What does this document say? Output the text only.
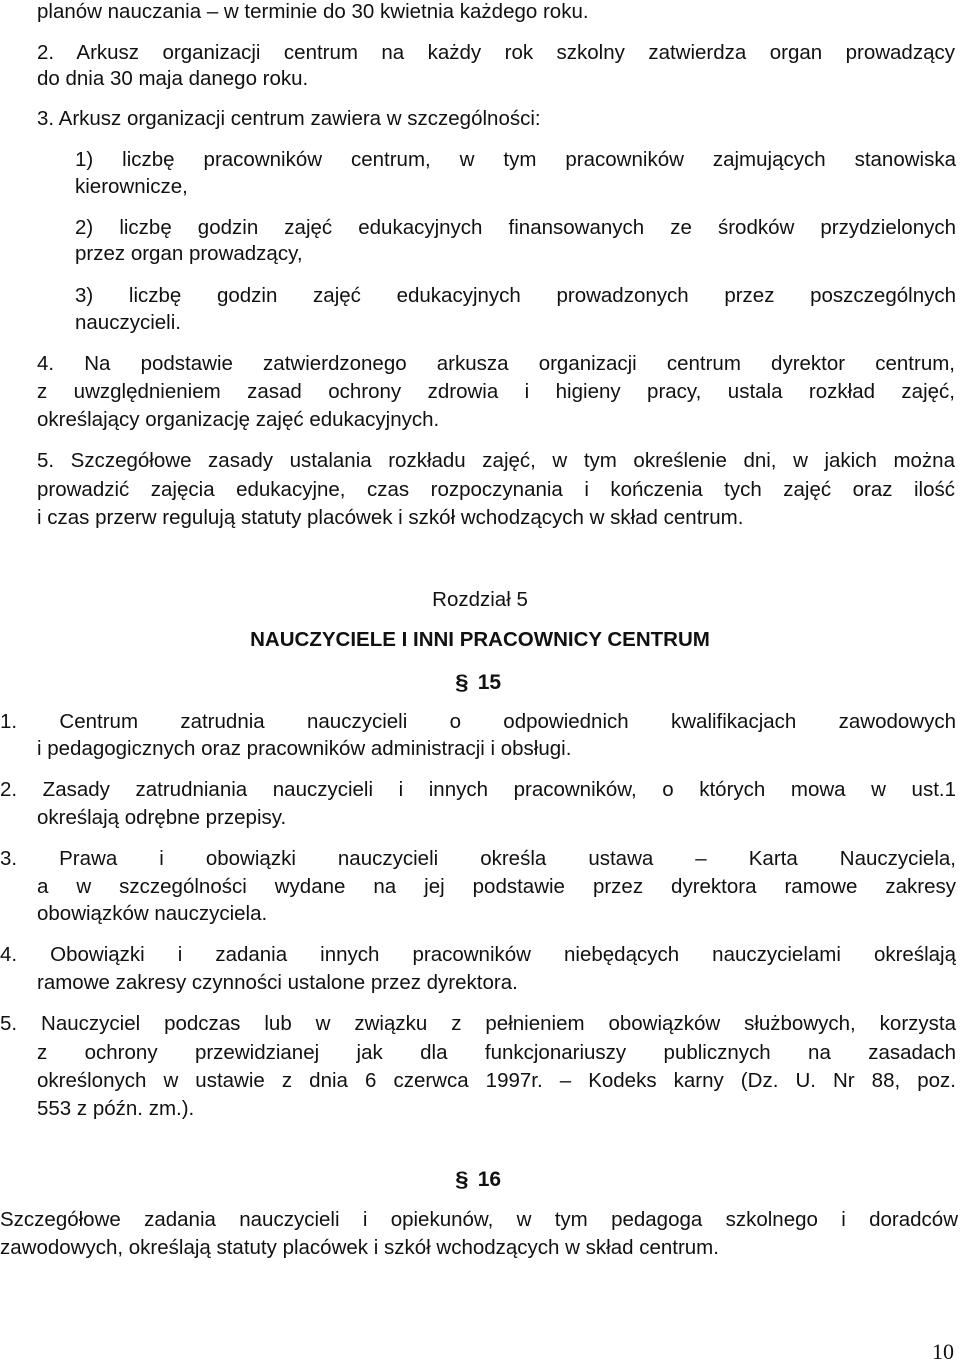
planów nauczania – w terminie do 30 kwietnia każdego roku.
2. Arkusz organizacji centrum na każdy rok szkolny zatwierdza organ prowadzący
do dnia 30 maja danego roku.
3. Arkusz organizacji centrum zawiera w szczególności:
1) liczbę pracowników centrum, w tym pracowników zajmujących stanowiska
kierownicze,
2) liczbę godzin zajęć edukacyjnych finansowanych ze środków przydzielonych
przez organ prowadzący,
3) liczbę godzin zajęć edukacyjnych prowadzonych przez poszczególnych
nauczycieli.
4. Na podstawie zatwierdzonego arkusza organizacji centrum dyrektor centrum,
z uwzględnieniem zasad ochrony zdrowia i higieny pracy, ustala rozkład zajęć,
określający organizację zajęć edukacyjnych.
5. Szczegółowe zasady ustalania rozkładu zajęć, w tym określenie dni, w jakich można
prowadzić zajęcia edukacyjne, czas rozpoczynania i kończenia tych zajęć oraz ilość
i czas przerw regulują statuty placówek i szkół wchodzących w skład centrum.
Rozdział 5
NAUCZYCIELE I INNI PRACOWNICY CENTRUM
§ 15
1. Centrum zatrudnia nauczycieli o odpowiednich kwalifikacjach zawodowych
i pedagogicznych oraz pracowników administracji i obsługi.
2. Zasady zatrudniania nauczycieli i innych pracowników, o których mowa w ust.1
określają odrębne przepisy.
3. Prawa i obowiązki nauczycieli określa ustawa – Karta Nauczyciela,
a w szczególności wydane na jej podstawie przez dyrektora ramowe zakresy
obowiązków nauczyciela.
4. Obowiązki i zadania innych pracowników niebędących nauczycielami określają
ramowe zakresy czynności ustalone przez dyrektora.
5. Nauczyciel podczas lub w związku z pełnieniem obowiązków służbowych, korzysta
z ochrony przewidzianej jak dla funkcjonariuszy publicznych na zasadach
określonych w ustawie z dnia 6 czerwca 1997r. – Kodeks karny (Dz. U. Nr 88, poz.
553 z późn. zm.).
§ 16
Szczegółowe zadania nauczycieli i opiekunów, w tym pedagoga szkolnego i doradców
zawodowych, określają statuty placówek i szkół wchodzących w skład centrum.
10
